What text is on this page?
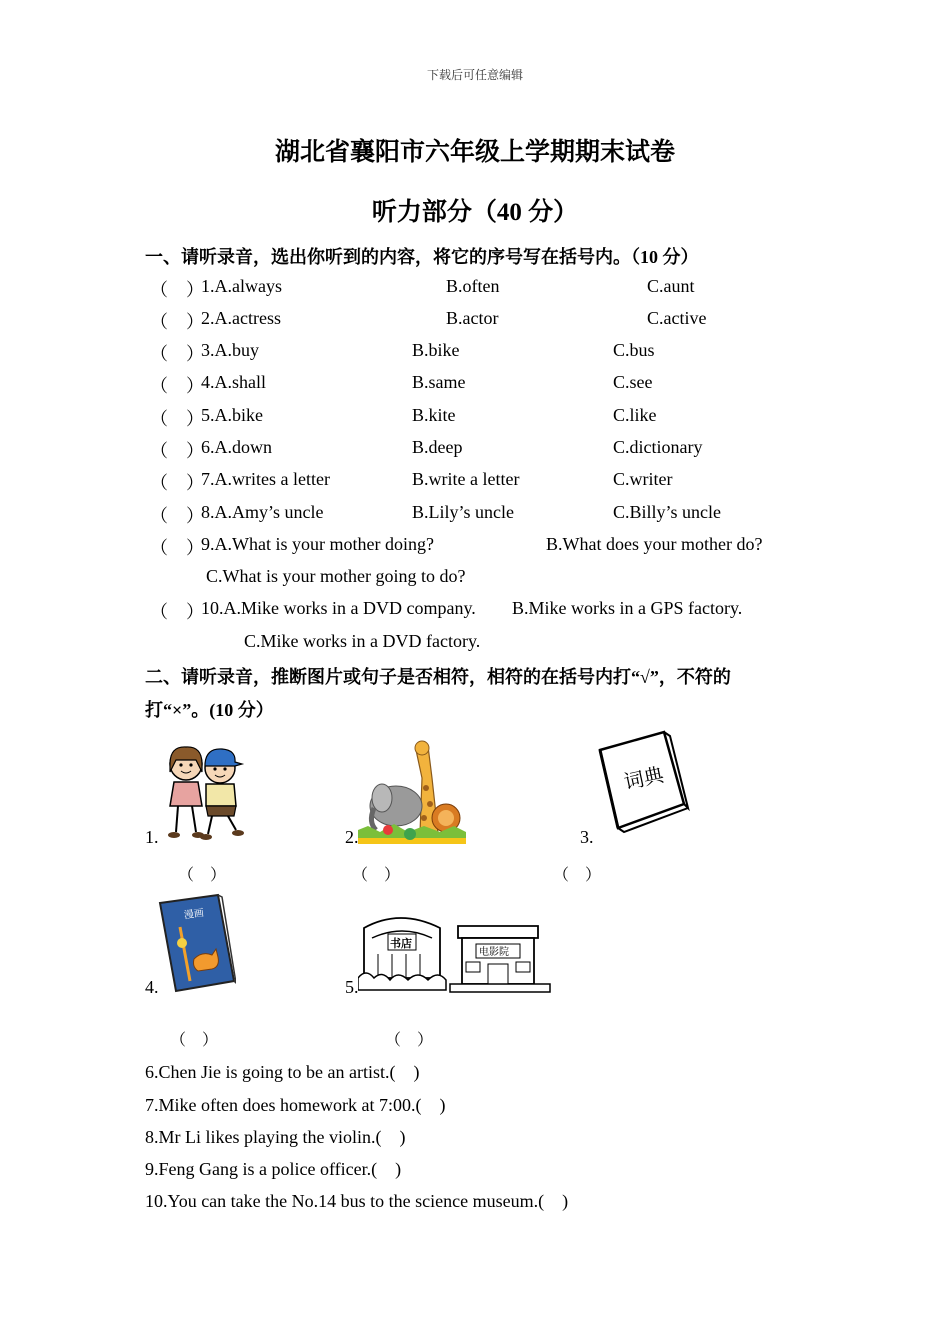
下载后可任意编辑
湖北省襄阳市六年级上学期期末试卷
听力部分（40 分）
一、请听录音，选出你听到的内容，将它的序号写在括号内。（10 分）
（　）
1.A.always	B.often	C.aunt
（　）
2.A.actress	B.actor	C.active
（　）
3.A.buy	B.bike	C.bus
（　）
4.A.shall	B.same	C.see
（　）
5.A.bike	B.kite	C.like
（　）
6.A.down	B.deep	C.dictionary
（　）
7.A.writes a letter	B.write a letter	C.writer
（　）
8.A.Amy’s uncle	B.Lily’s uncle	C.Billy’s uncle
（　）
9.A.What is your mother doing?	B.What does your mother do?
C.What is your mother going to do?
（　）
10.A.Mike works in a DVD company. B.Mike works in a GPS factory.
C.Mike works in a DVD factory.
二、请听录音，推断图片或句子是否相符，相符的在括号内打“√”，不符的
打“×”。(10 分）
1.
（　）
2.
（　）
3.
词典
（　）
4.
漫画
（　）
5.
书店
电影院
（　）
6.Chen Jie is going to be an artist.(　)
7.Mike often does homework at 7:00.(　)
8.Mr Li likes playing the violin.(　)
9.Feng Gang is a police officer.(　)
10.You can take the No.14 bus to the science museum.(　)
